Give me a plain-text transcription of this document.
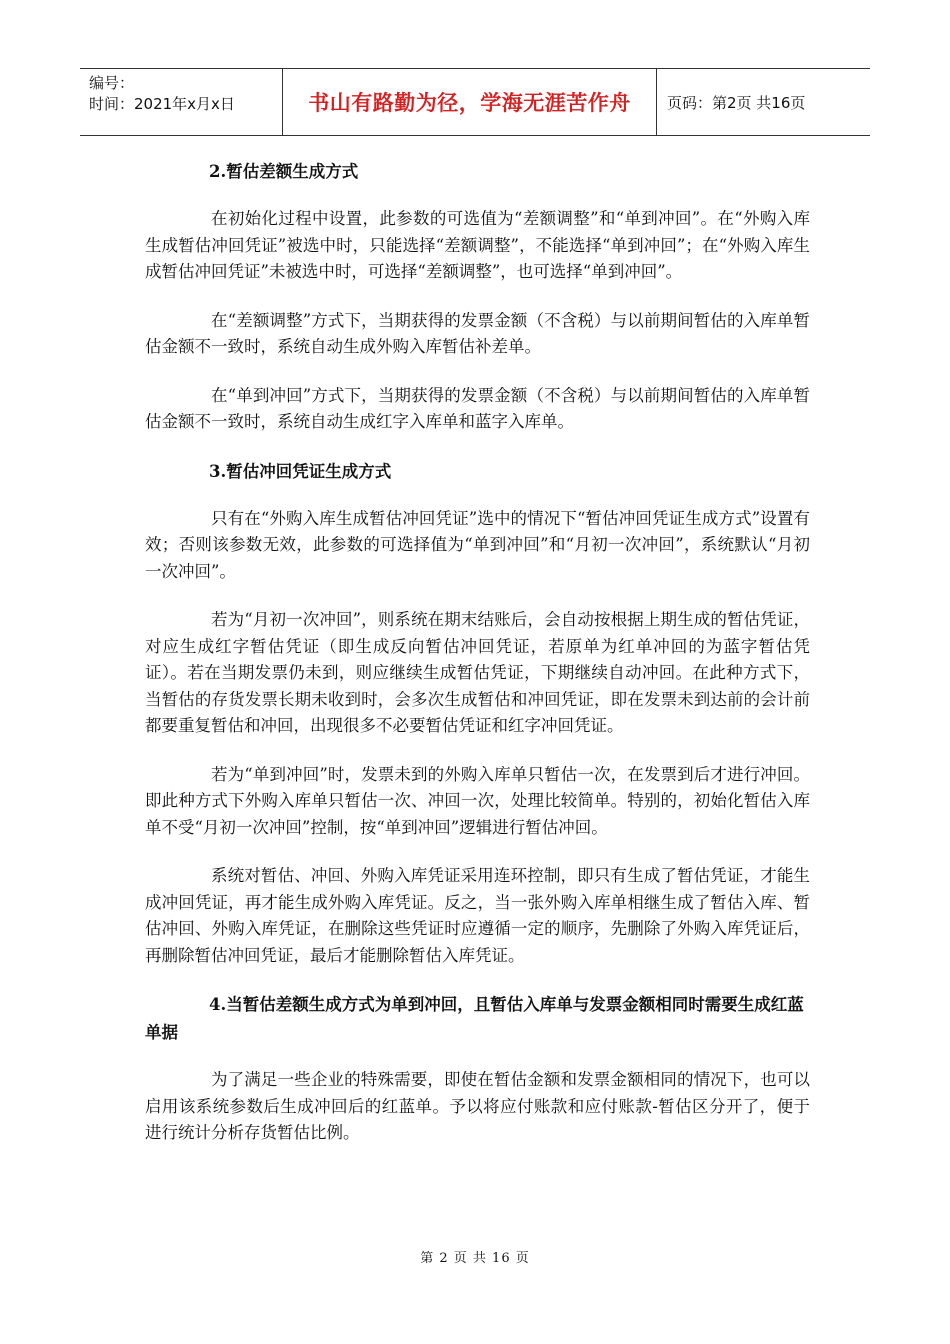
编号：
时间：2021年x月x日	书山有路勤为径，学海无涯苦作舟	页码：第2页 共16页
2.暂估差额生成方式
在初始化过程中设置，此参数的可选值为“差额调整”和“单到冲回”。在“外购入库生成暂估冲回凭证”被选中时，只能选择“差额调整”，不能选择“单到冲回”；在“外购入库生成暂估冲回凭证”未被选中时，可选择“差额调整”，也可选择“单到冲回”。
在“差额调整”方式下，当期获得的发票金额（不含税）与以前期间暂估的入库单暂估金额不一致时，系统自动生成外购入库暂估补差单。
在“单到冲回”方式下，当期获得的发票金额（不含税）与以前期间暂估的入库单暂估金额不一致时，系统自动生成红字入库单和蓝字入库单。
3.暂估冲回凭证生成方式
只有在“外购入库生成暂估冲回凭证”选中的情况下“暂估冲回凭证生成方式”设置有效；否则该参数无效，此参数的可选择值为“单到冲回”和“月初一次冲回”，系统默认“月初一次冲回”。
若为“月初一次冲回”，则系统在期末结账后，会自动按根据上期生成的暂估凭证，对应生成红字暂估凭证（即生成反向暂估冲回凭证，若原单为红单冲回的为蓝字暂估凭证）。若在当期发票仍未到，则应继续生成暂估凭证，下期继续自动冲回。在此种方式下，当暂估的存货发票长期未收到时，会多次生成暂估和冲回凭证，即在发票未到达前的会计前都要重复暂估和冲回，出现很多不必要暂估凭证和红字冲回凭证。
若为“单到冲回”时，发票未到的外购入库单只暂估一次，在发票到后才进行冲回。即此种方式下外购入库单只暂估一次、冲回一次，处理比较简单。特别的，初始化暂估入库单不受“月初一次冲回”控制，按“单到冲回”逻辑进行暂估冲回。
系统对暂估、冲回、外购入库凭证采用连环控制，即只有生成了暂估凭证，才能生成冲回凭证，再才能生成外购入库凭证。反之，当一张外购入库单相继生成了暂估入库、暂估冲回、外购入库凭证，在删除这些凭证时应遵循一定的顺序，先删除了外购入库凭证后，再删除暂估冲回凭证，最后才能删除暂估入库凭证。
4.当暂估差额生成方式为单到冲回，且暂估入库单与发票金额相同时需要生成红蓝单据
为了满足一些企业的特殊需要，即使在暂估金额和发票金额相同的情况下，也可以启用该系统参数后生成冲回后的红蓝单。予以将应付账款和应付账款-暂估区分开了，便于进行统计分析存货暂估比例。
第 2 页 共 16 页
